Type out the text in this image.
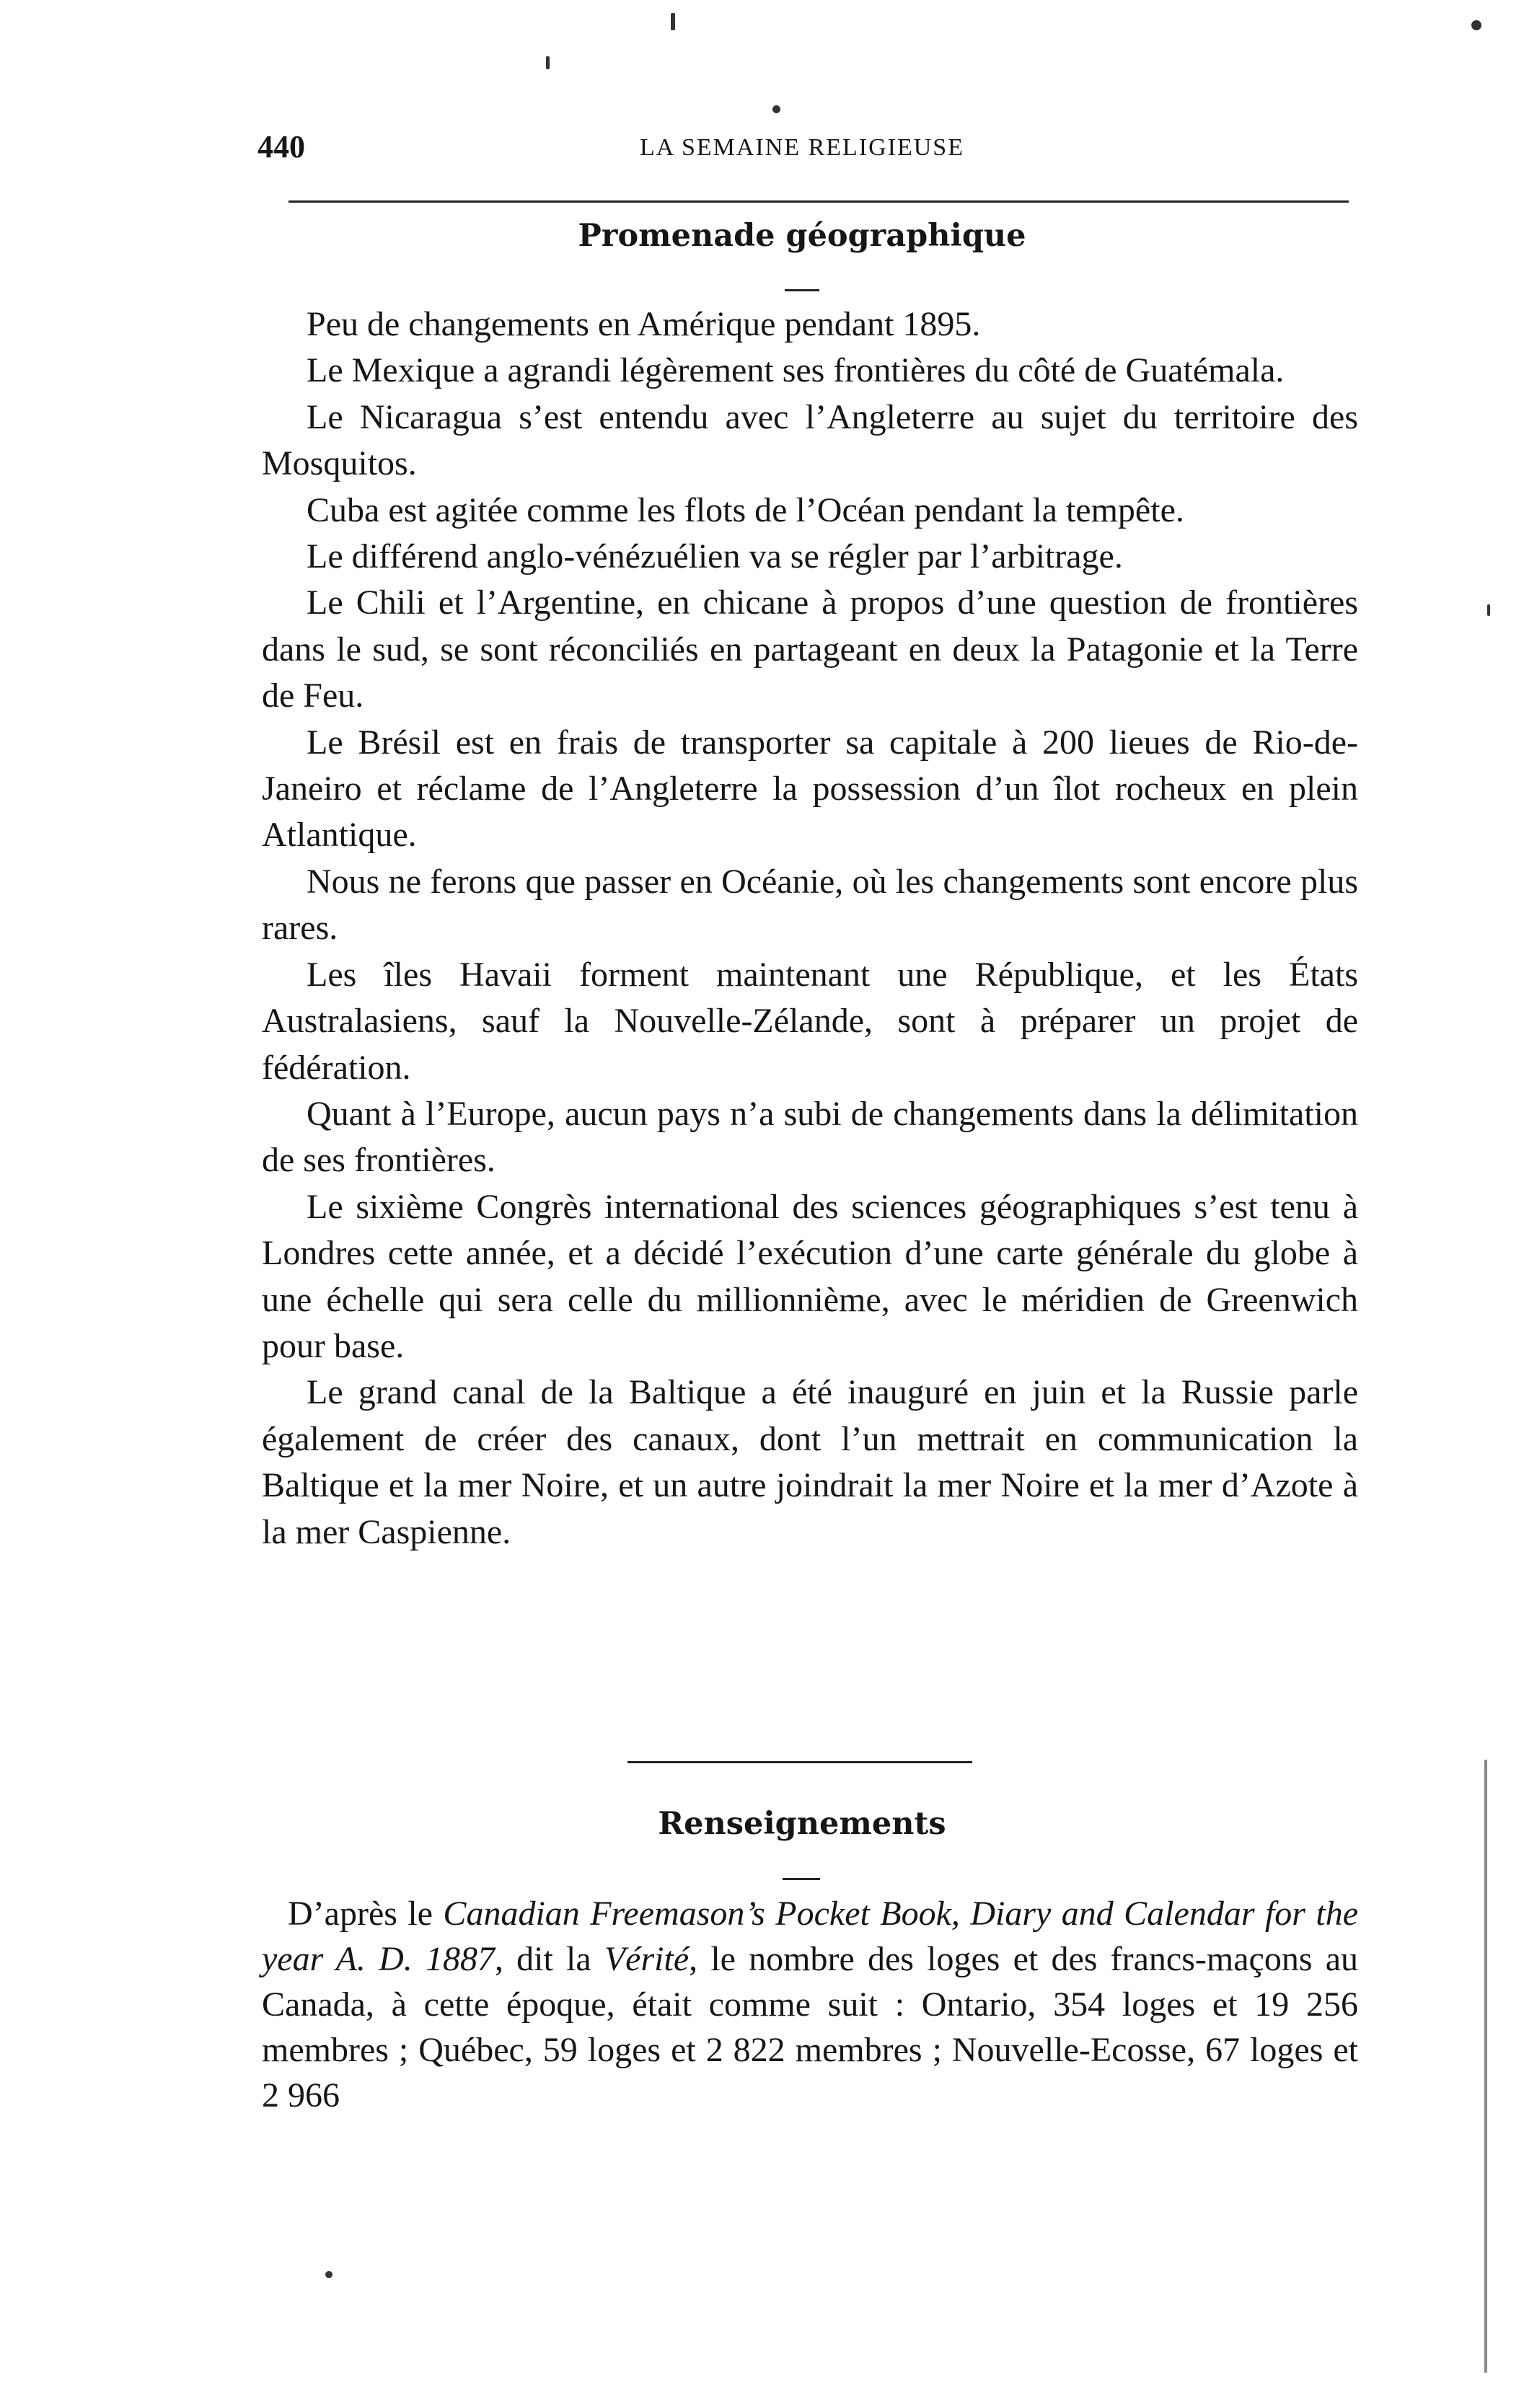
440	LA SEMAINE RELIGIEUSE
Promenade géographique

Peu de changements en Amérique pendant 1895.

Le Mexique a agrandi légèrement ses frontières du côté de Guatémala.

Le Nicaragua s’est entendu avec l’Angleterre au sujet du territoire des Mosquitos.

Cuba est agitée comme les flots de l’Océan pendant la tempête.

Le différend anglo-vénézuélien va se régler par l’arbitrage.

Le Chili et l’Argentine, en chicane à propos d’une question de frontières dans le sud, se sont réconciliés en partageant en deux la Patagonie et la Terre de Feu.

Le Brésil est en frais de transporter sa capitale à 200 lieues de Rio-de-Janeiro et réclame de l’Angleterre la possession d’un îlot rocheux en plein Atlantique.

Nous ne ferons que passer en Océanie, où les changements sont encore plus rares.

Les îles Havaii forment maintenant une République, et les États Australasiens, sauf la Nouvelle-Zélande, sont à préparer un projet de fédération.

Quant à l’Europe, aucun pays n’a subi de changements dans la délimitation de ses frontières.

Le sixième Congrès international des sciences géographiques s’est tenu à Londres cette année, et a décidé l’exécution d’une carte générale du globe à une échelle qui sera celle du millionnième, avec le méridien de Greenwich pour base.

Le grand canal de la Baltique a été inauguré en juin et la Russie parle également de créer des canaux, dont l’un mettrait en communication la Baltique et la mer Noire, et un autre joindrait la mer Noire et la mer d’Azote à la mer Caspienne.

Renseignements

D’après le Canadian Freemason’s Pocket Book, Diary and Calendar for the year A. D. 1887, dit la Vérité, le nombre des loges et des francs-maçons au Canada, à cette époque, était comme suit : Ontario, 354 loges et 19 256 membres ; Québec, 59 loges et 2 822 membres ; Nouvelle-Ecosse, 67 loges et 2 966
